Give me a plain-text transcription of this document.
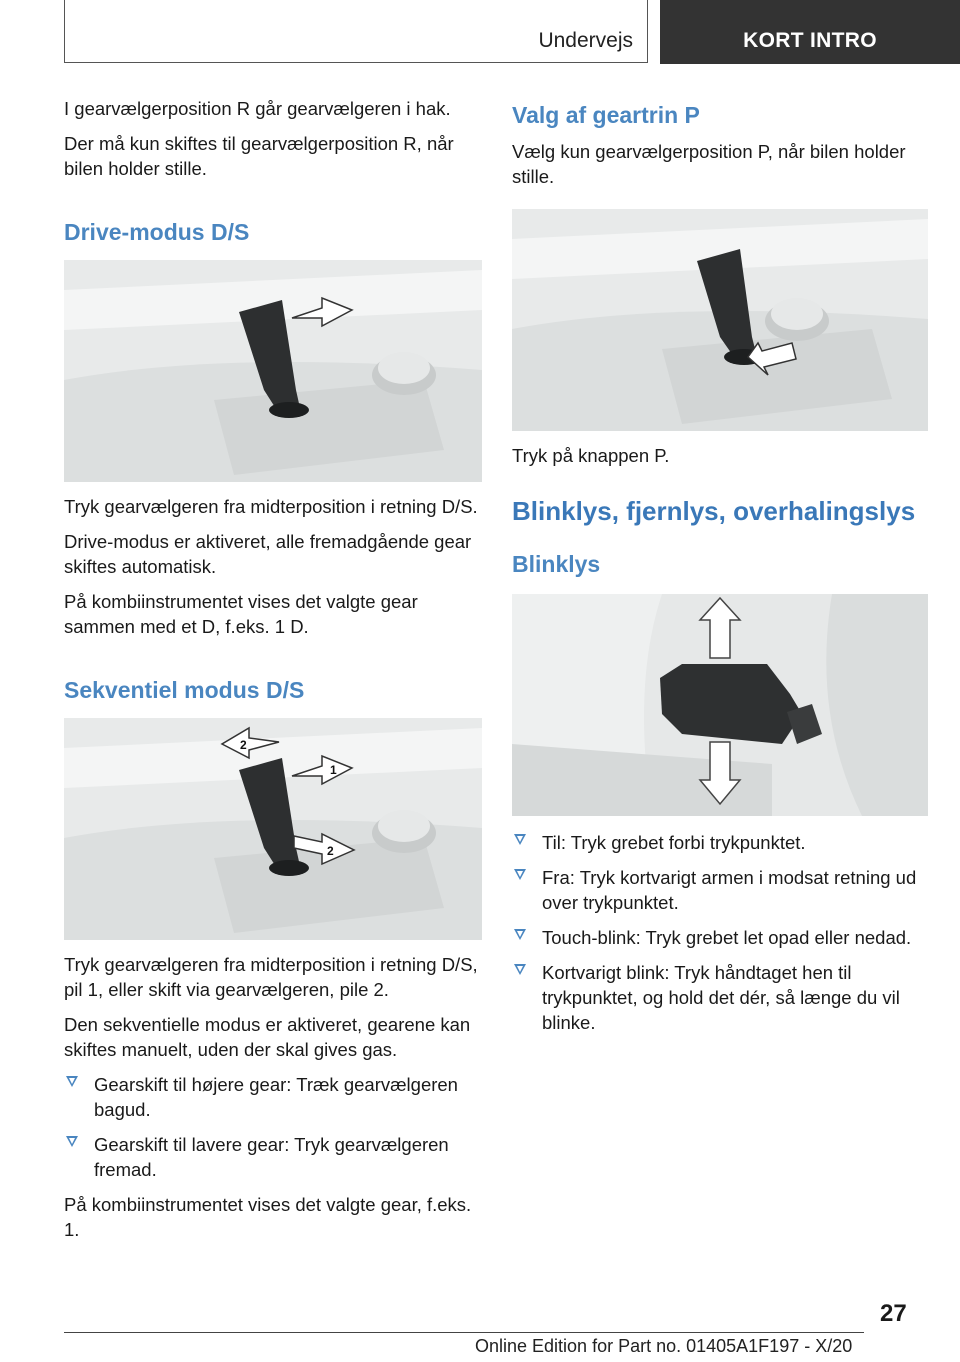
Undervejs	KORT INTRO

I gearvælgerposition R går gearvælgeren i hak.

Der må kun skiftes til gearvælgerposition R, når bilen holder stille.

Drive-modus D/S

Tryk gearvælgeren fra midterposition i retning D/S.

Drive-modus er aktiveret, alle fremadgående gear skiftes automatisk.

På kombiinstrumentet vises det valgte gear sammen med et D, f.eks. 1 D.

Sekventiel modus D/S
2
1
2

Tryk gearvælgeren fra midterposition i retning D/S, pil 1, eller skift via gearvælgeren, pile 2.

Den sekventielle modus er aktiveret, gearene kan skiftes manuelt, uden der skal gives gas.

Gearskift til højere gear: Træk gearvælgeren bagud.
Gearskift til lavere gear: Tryk gearvælgeren fremad.

På kombiinstrumentet vises det valgte gear, f.eks. 1.

Valg af geartrin P

Vælg kun gearvælgerposition P, når bilen holder stille.

Tryk på knappen P.

Blinklys, fjernlys, overhalingslys
Blinklys
Til: Tryk grebet forbi trykpunktet.
Fra: Tryk kortvarigt armen i modsat retning ud over trykpunktet.
Touch-blink: Tryk grebet let opad eller nedad.
Kortvarigt blink: Tryk håndtaget hen til trykpunktet, og hold det dér, så længe du vil blinke.
27
Online Edition for Part no. 01405A1F197 - X/20
